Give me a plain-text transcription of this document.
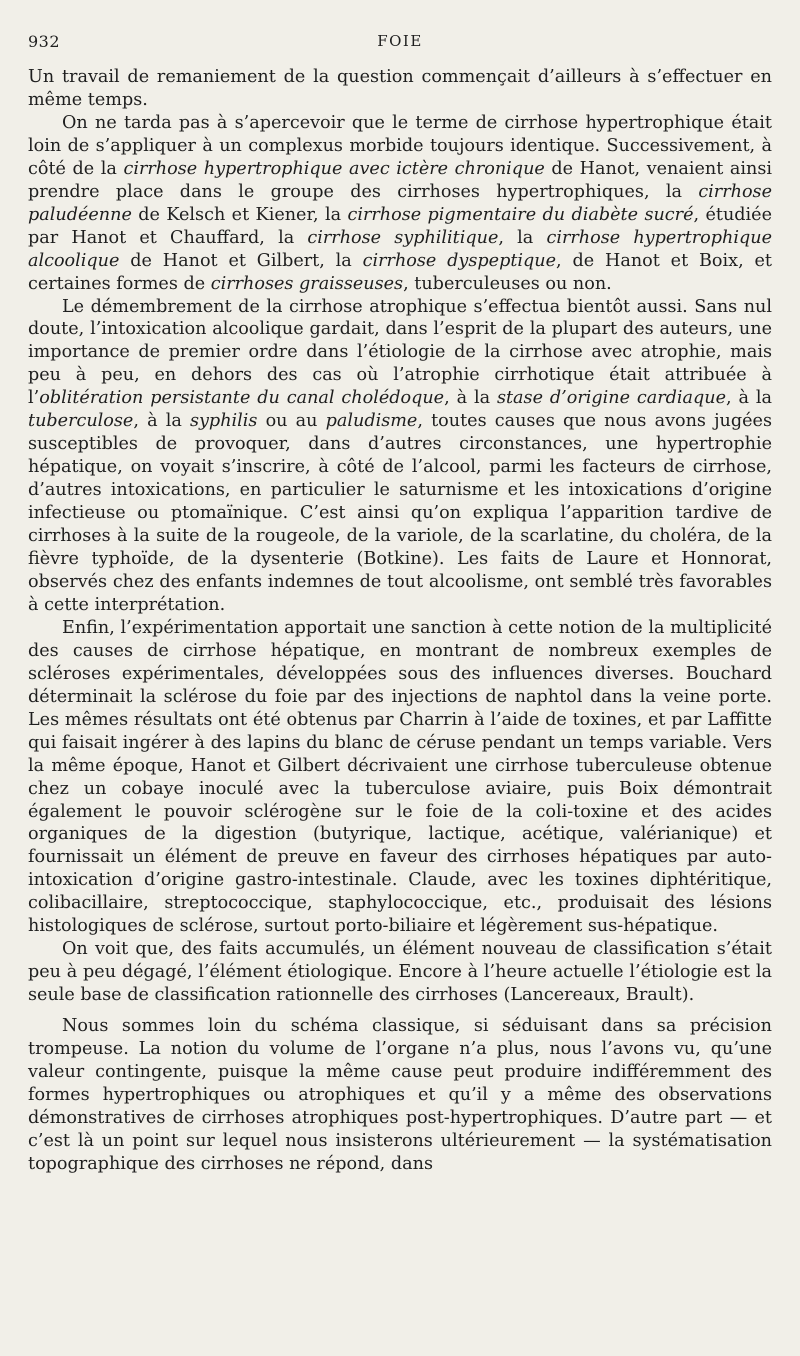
932	FOIE

Un travail de remaniement de la question commençait d’ailleurs à s’effectuer en même temps.

On ne tarda pas à s’apercevoir que le terme de cirrhose hypertrophique était loin de s’appliquer à un complexus morbide toujours identique. Successivement, à côté de la cirrhose hypertrophique avec ictère chronique de Hanot, venaient ainsi prendre place dans le groupe des cirrhoses hypertrophiques, la cirrhose paludéenne de Kelsch et Kiener, la cirrhose pigmentaire du diabète sucré, étudiée par Hanot et Chauffard, la cirrhose syphilitique, la cirrhose hypertrophique alcoolique de Hanot et Gilbert, la cirrhose dyspeptique, de Hanot et Boix, et certaines formes de cirrhoses graisseuses, tuberculeuses ou non.

Le démembrement de la cirrhose atrophique s’effectua bientôt aussi. Sans nul doute, l’intoxication alcoolique gardait, dans l’esprit de la plupart des auteurs, une importance de premier ordre dans l’étiologie de la cirrhose avec atrophie, mais peu à peu, en dehors des cas où l’atrophie cirrhotique était attribuée à l’oblitération persistante du canal cholédoque, à la stase d’origine cardiaque, à la tuberculose, à la syphilis ou au paludisme, toutes causes que nous avons jugées susceptibles de provoquer, dans d’autres circonstances, une hypertrophie hépatique, on voyait s’inscrire, à côté de l’alcool, parmi les facteurs de cirrhose, d’autres intoxications, en particulier le saturnisme et les intoxications d’origine infectieuse ou ptomaïnique. C’est ainsi qu’on expliqua l’apparition tardive de cirrhoses à la suite de la rougeole, de la variole, de la scarlatine, du choléra, de la fièvre typhoïde, de la dysenterie (Botkine). Les faits de Laure et Honnorat, observés chez des enfants indemnes de tout alcoolisme, ont semblé très favorables à cette interprétation.

Enfin, l’expérimentation apportait une sanction à cette notion de la multiplicité des causes de cirrhose hépatique, en montrant de nombreux exemples de scléroses expérimentales, développées sous des influences diverses. Bouchard déterminait la sclérose du foie par des injections de naphtol dans la veine porte. Les mêmes résultats ont été obtenus par Charrin à l’aide de toxines, et par Laffitte qui faisait ingérer à des lapins du blanc de céruse pendant un temps variable. Vers la même époque, Hanot et Gilbert décrivaient une cirrhose tuberculeuse obtenue chez un cobaye inoculé avec la tuberculose aviaire, puis Boix démontrait également le pouvoir sclérogène sur le foie de la coli-toxine et des acides organiques de la digestion (butyrique, lactique, acétique, valérianique) et fournissait un élément de preuve en faveur des cirrhoses hépatiques par auto-intoxication d’origine gastro-intestinale. Claude, avec les toxines diphtéritique, colibacillaire, streptococcique, staphylococcique, etc., produisait des lésions histologiques de sclérose, surtout porto-biliaire et légèrement sus-hépatique.

On voit que, des faits accumulés, un élément nouveau de classification s’était peu à peu dégagé, l’élément étiologique. Encore à l’heure actuelle l’étiologie est la seule base de classification rationnelle des cirrhoses (Lancereaux, Brault).

Nous sommes loin du schéma classique, si séduisant dans sa précision trompeuse. La notion du volume de l’organe n’a plus, nous l’avons vu, qu’une valeur contingente, puisque la même cause peut produire indifféremment des formes hypertrophiques ou atrophiques et qu’il y a même des observations démonstratives de cirrhoses atrophiques post-hypertrophiques. D’autre part — et c’est là un point sur lequel nous insisterons ultérieurement — la systématisation topographique des cirrhoses ne répond, dans
